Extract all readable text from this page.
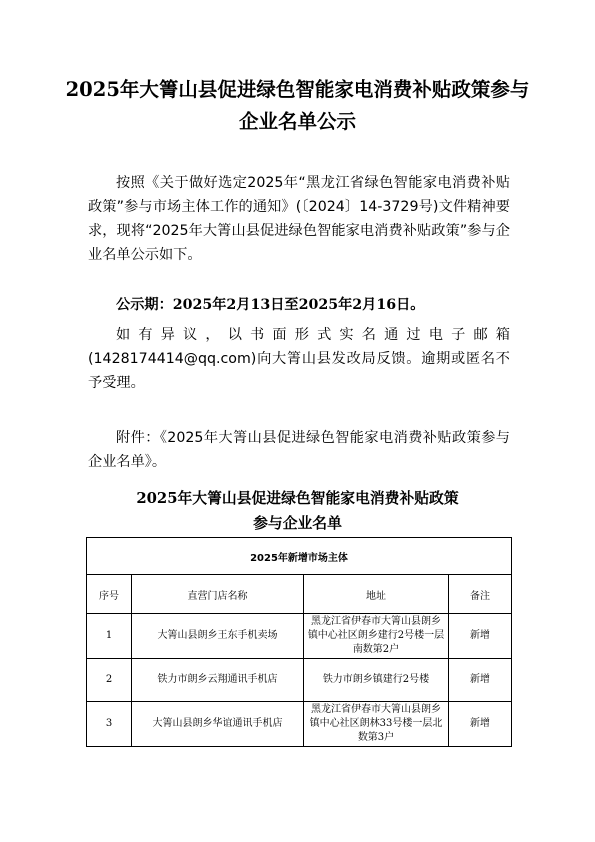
2025年大箐山县促进绿色智能家电消费补贴政策参与企业名单公示

按照《关于做好选定2025年“黑龙江省绿色智能家电消费补贴政策”参与市场主体工作的通知》(〔2024〕14-3729号)文件精神要求，现将“2025年大箐山县促进绿色智能家电消费补贴政策”参与企业名单公示如下。

公示期：2025年2月13日至2025年2月16日。

如有异议，以书面形式实名通过电子邮箱(1428174414@qq.com)向大箐山县发改局反馈。逾期或匿名不予受理。

附件：《2025年大箐山县促进绿色智能家电消费补贴政策参与企业名单》。

2025年大箐山县促进绿色智能家电消费补贴政策
参与企业名单
2025年新增市场主体			
序号	直营门店名称	地址	备注
1	大箐山县朗乡王东手机卖场	黑龙江省伊春市大箐山县朗乡镇中心社区朗乡建行2号楼一层南数第2户	新增
2	铁力市朗乡云翔通讯手机店	铁力市朗乡镇建行2号楼	新增
3	大箐山县朗乡华谊通讯手机店	黑龙江省伊春市大箐山县朗乡镇中心社区朗林33号楼一层北数第3户	新增
